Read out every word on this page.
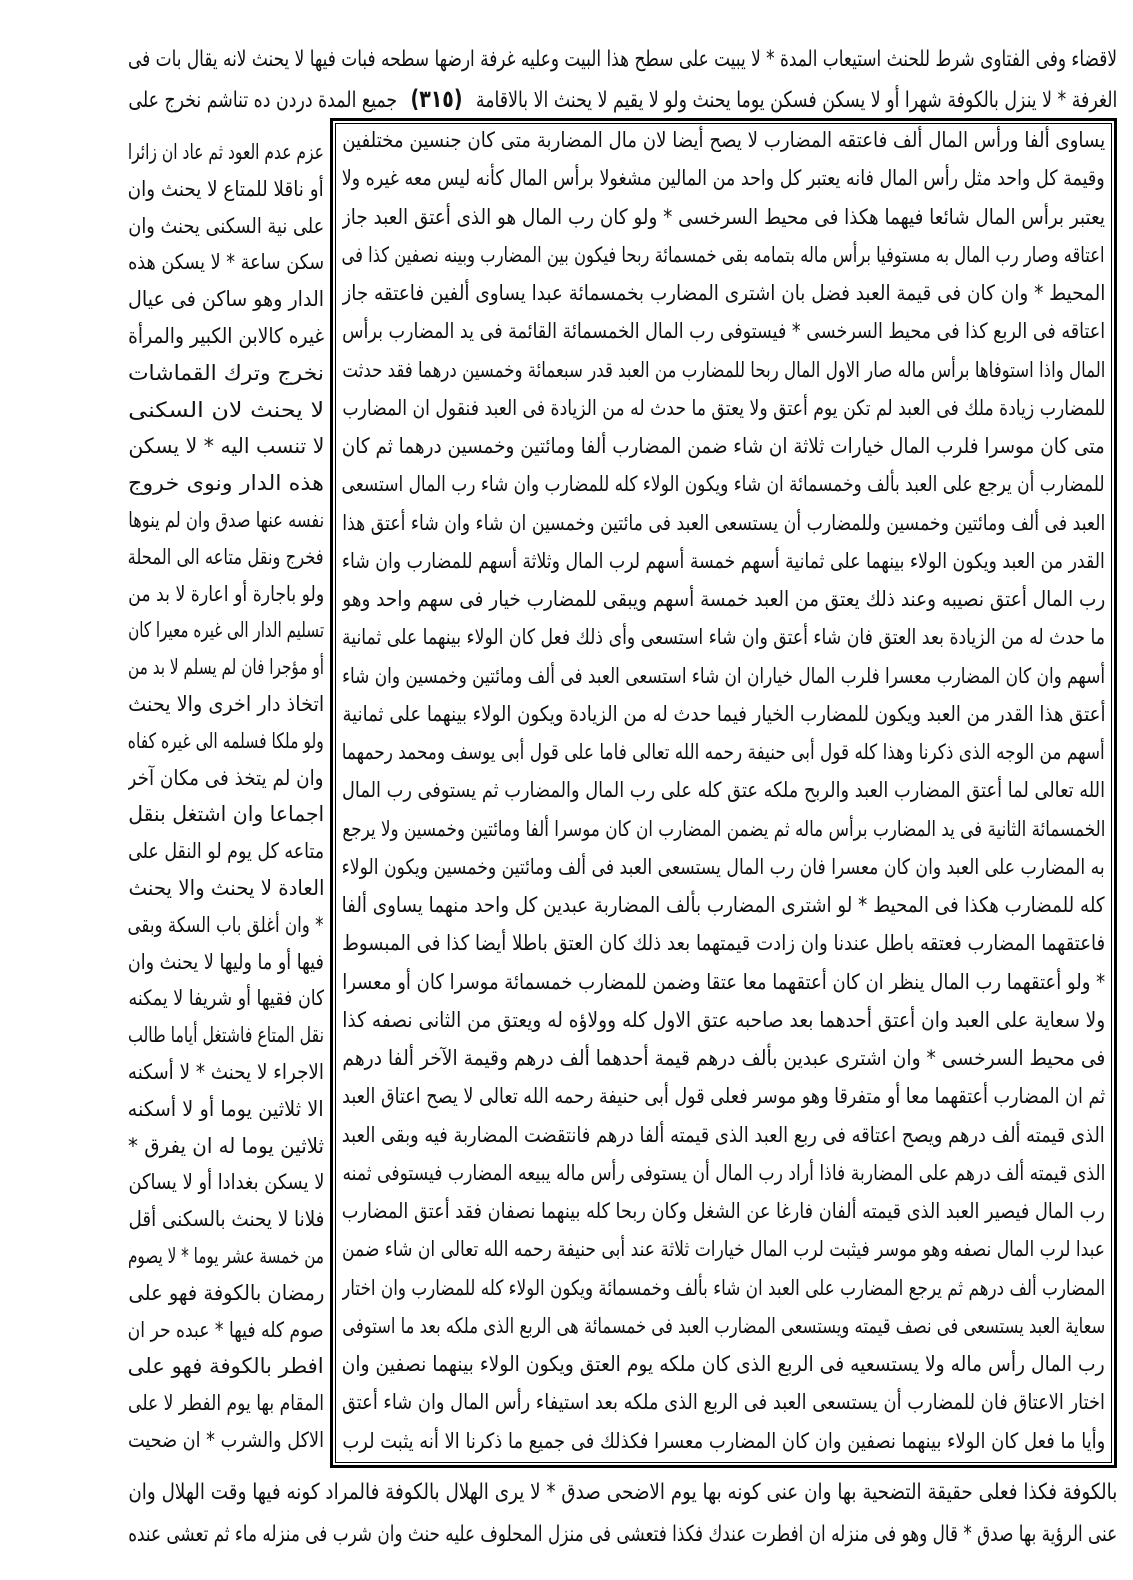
لاقضاء وفى الفتاوى شرط للحنث استيعاب المدة * لا يبيت على سطح هذا البيت وعليه غرفة ارضها سطحه فبات فيها لا يحنث لانه يقال بات فى
الغرفة * لا ينزل بالكوفة شهرا أو لا يسكن فسكن يوما يحنث ولو لا يقيم لا يحنث الا بالاقامة (٣١٥) جميع المدة دردن ده تناشم نخرج على
يساوى ألفا ورأس المال ألف فاعتقه المضارب لا يصح أيضا لان مال المضاربة متى كان جنسين مختلفين
وقيمة كل واحد مثل رأس المال فانه يعتبر كل واحد من المالين مشغولا برأس المال كأنه ليس معه غيره ولا
يعتبر برأس المال شائعا فيهما هكذا فى محيط السرخسى * ولو كان رب المال هو الذى أعتق العبد جاز
اعتاقه وصار رب المال به مستوفيا برأس ماله بتمامه بقى خمسمائة ربحا فيكون بين المضارب وبينه نصفين كذا فى
المحيط * وان كان فى قيمة العبد فضل بان اشترى المضارب بخمسمائة عبدا يساوى ألفين فاعتقه جاز
اعتاقه فى الربع كذا فى محيط السرخسى * فيستوفى رب المال الخمسمائة القائمة فى يد المضارب برأس
المال واذا استوفاها برأس ماله صار الاول المال ربحا للمضارب من العبد قدر سبعمائة وخمسين درهما فقد حدثت
للمضارب زيادة ملك فى العبد لم تكن يوم أعتق ولا يعتق ما حدث له من الزيادة فى العبد فنقول ان المضارب
متى كان موسرا فلرب المال خيارات ثلاثة ان شاء ضمن المضارب ألفا ومائتين وخمسين درهما ثم كان
للمضارب أن يرجع على العبد بألف وخمسمائة ان شاء ويكون الولاء كله للمضارب وان شاء رب المال استسعى
العبد فى ألف ومائتين وخمسين وللمضارب أن يستسعى العبد فى مائتين وخمسين ان شاء وان شاء أعتق هذا
القدر من العبد ويكون الولاء بينهما على ثمانية أسهم خمسة أسهم لرب المال وثلاثة أسهم للمضارب وان شاء
رب المال أعتق نصيبه وعند ذلك يعتق من العبد خمسة أسهم ويبقى للمضارب خيار فى سهم واحد وهو
ما حدث له من الزيادة بعد العتق فان شاء أعتق وان شاء استسعى وأى ذلك فعل كان الولاء بينهما على ثمانية
أسهم وان كان المضارب معسرا فلرب المال خياران ان شاء استسعى العبد فى ألف ومائتين وخمسين وان شاء
أعتق هذا القدر من العبد ويكون للمضارب الخيار فيما حدث له من الزيادة ويكون الولاء بينهما على ثمانية
أسهم من الوجه الذى ذكرنا وهذا كله قول أبى حنيفة رحمه الله تعالى فاما على قول أبى يوسف ومحمد رحمهما
الله تعالى لما أعتق المضارب العبد والربح ملكه عتق كله على رب المال والمضارب ثم يستوفى رب المال
الخمسمائة الثانية فى يد المضارب برأس ماله ثم يضمن المضارب ان كان موسرا ألفا ومائتين وخمسين ولا يرجع
به المضارب على العبد وان كان معسرا فان رب المال يستسعى العبد فى ألف ومائتين وخمسين ويكون الولاء
كله للمضارب هكذا فى المحيط * لو اشترى المضارب بألف المضاربة عبدين كل واحد منهما يساوى ألفا
فاعتقهما المضارب فعتقه باطل عندنا وان زادت قيمتهما بعد ذلك كان العتق باطلا أيضا كذا فى المبسوط
* ولو أعتقهما رب المال ينظر ان كان أعتقهما معا عتقا وضمن للمضارب خمسمائة موسرا كان أو معسرا
ولا سعاية على العبد وان أعتق أحدهما بعد صاحبه عتق الاول كله وولاؤه له ويعتق من الثانى نصفه كذا
فى محيط السرخسى * وان اشترى عبدين بألف درهم قيمة أحدهما ألف درهم وقيمة الآخر ألفا درهم
ثم ان المضارب أعتقهما معا أو متفرقا وهو موسر فعلى قول أبى حنيفة رحمه الله تعالى لا يصح اعتاق العبد
الذى قيمته ألف درهم ويصح اعتاقه فى ربع العبد الذى قيمته ألفا درهم فانتقضت المضاربة فيه وبقى العبد
الذى قيمته ألف درهم على المضاربة فاذا أراد رب المال أن يستوفى رأس ماله يبيعه المضارب فيستوفى ثمنه
رب المال فيصير العبد الذى قيمته ألفان فارغا عن الشغل وكان ربحا كله بينهما نصفان فقد أعتق المضارب
عبدا لرب المال نصفه وهو موسر فيثبت لرب المال خيارات ثلاثة عند أبى حنيفة رحمه الله تعالى ان شاء ضمن
المضارب ألف درهم ثم يرجع المضارب على العبد ان شاء بألف وخمسمائة ويكون الولاء كله للمضارب وان اختار
سعاية العبد يستسعى فى نصف قيمته ويستسعى المضارب العبد فى خمسمائة هى الربع الذى ملكه بعد ما استوفى
رب المال رأس ماله ولا يستسعيه فى الربع الذى كان ملكه يوم العتق ويكون الولاء بينهما نصفين وان
اختار الاعتاق فان للمضارب أن يستسعى العبد فى الربع الذى ملكه بعد استيفاء رأس المال وان شاء أعتق
وأيا ما فعل كان الولاء بينهما نصفين وان كان المضارب معسرا فكذلك فى جميع ما ذكرنا الا أنه يثبت لرب
عزم عدم العود ثم عاد ان زائرا
أو ناقلا للمتاع لا يحنث وان
على نية السكنى يحنث وان
سكن ساعة * لا يسكن هذه
الدار وهو ساكن فى عيال
غيره كالابن الكبير والمرأة
نخرج وترك القماشات
لا يحنث لان السكنى
لا تنسب اليه * لا يسكن
هذه الدار ونوى خروج
نفسه عنها صدق وان لم ينوها
فخرج ونقل متاعه الى المحلة
ولو باجارة أو اعارة لا بد من
تسليم الدار الى غيره معيرا كان
أو مؤجرا فان لم يسلم لا بد من
اتخاذ دار اخرى والا يحنث
ولو ملكا فسلمه الى غيره كفاه
وان لم يتخذ فى مكان آخر
اجماعا وان اشتغل بنقل
متاعه كل يوم لو النقل على
العادة لا يحنث والا يحنث
* وان أغلق باب السكة وبقى
فيها أو ما وليها لا يحنث وان
كان فقيها أو شريفا لا يمكنه
نقل المتاع فاشتغل أياما طالب
الاجراء لا يحنث * لا أسكنه
الا ثلاثين يوما أو لا أسكنه
ثلاثين يوما له ان يفرق *
لا يسكن بغدادا أو لا يساكن
فلانا لا يحنث بالسكنى أقل
من خمسة عشر يوما * لا يصوم
رمضان بالكوفة فهو على
صوم كله فيها * عبده حر ان
افطر بالكوفة فهو على
المقام بها يوم الفطر لا على
الاكل والشرب * ان ضحيت
بالكوفة فكذا فعلى حقيقة التضحية بها وان عنى كونه بها يوم الاضحى صدق * لا يرى الهلال بالكوفة فالمراد كونه فيها وقت الهلال وان
عنى الرؤية بها صدق * قال وهو فى منزله ان افطرت عندك فكذا فتعشى فى منزل المحلوف عليه حنث وان شرب فى منزله ماء ثم تعشى عنده
